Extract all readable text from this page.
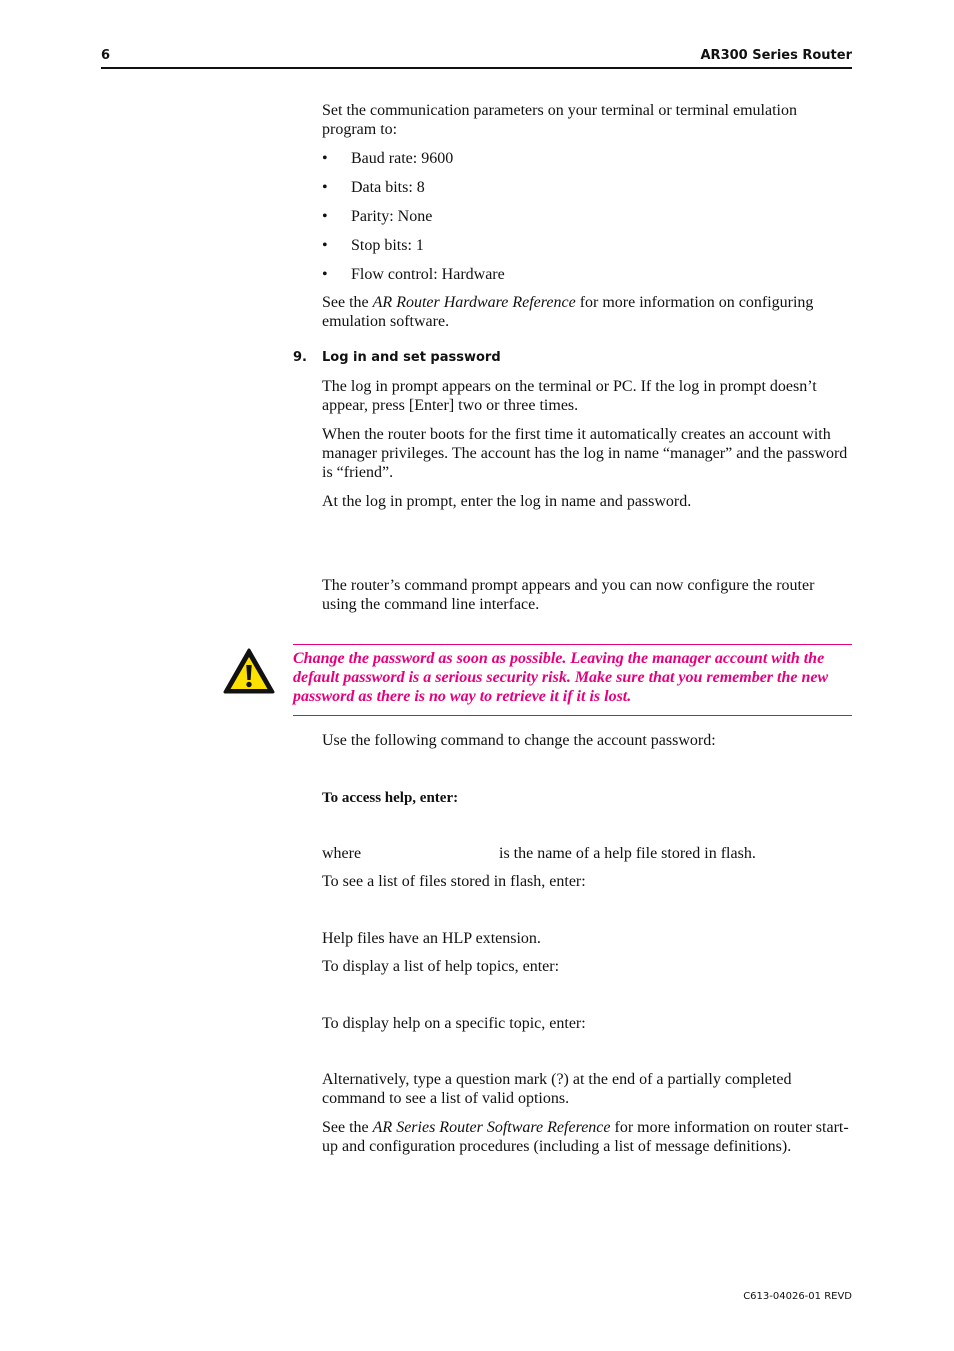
6	AR300 Series Router
Set the communication parameters on your terminal or terminal emulation program to:
• Baud rate: 9600
• Data bits: 8
• Parity: None
• Stop bits: 1
• Flow control: Hardware
See the AR Router Hardware Reference for more information on configuring emulation software.
9. Log in and set password
The log in prompt appears on the terminal or PC. If the log in prompt doesn’t appear, press [Enter] two or three times.
When the router boots for the first time it automatically creates an account with manager privileges. The account has the log in name “manager” and the password is “friend”.
At the log in prompt, enter the log in name and password.
The router’s command prompt appears and you can now configure the router using the command line interface.
Change the password as soon as possible. Leaving the manager account with the default password is a serious security risk. Make sure that you remember the new password as there is no way to retrieve it if it is lost.
Use the following command to change the account password:
To access help, enter:
where	is the name of a help file stored in flash.
To see a list of files stored in flash, enter:
Help files have an HLP extension.
To display a list of help topics, enter:
To display help on a specific topic, enter:
Alternatively, type a question mark (?) at the end of a partially completed command to see a list of valid options.
See the AR Series Router Software Reference for more information on router start-up and configuration procedures (including a list of message definitions).
C613-04026-01 REVD
